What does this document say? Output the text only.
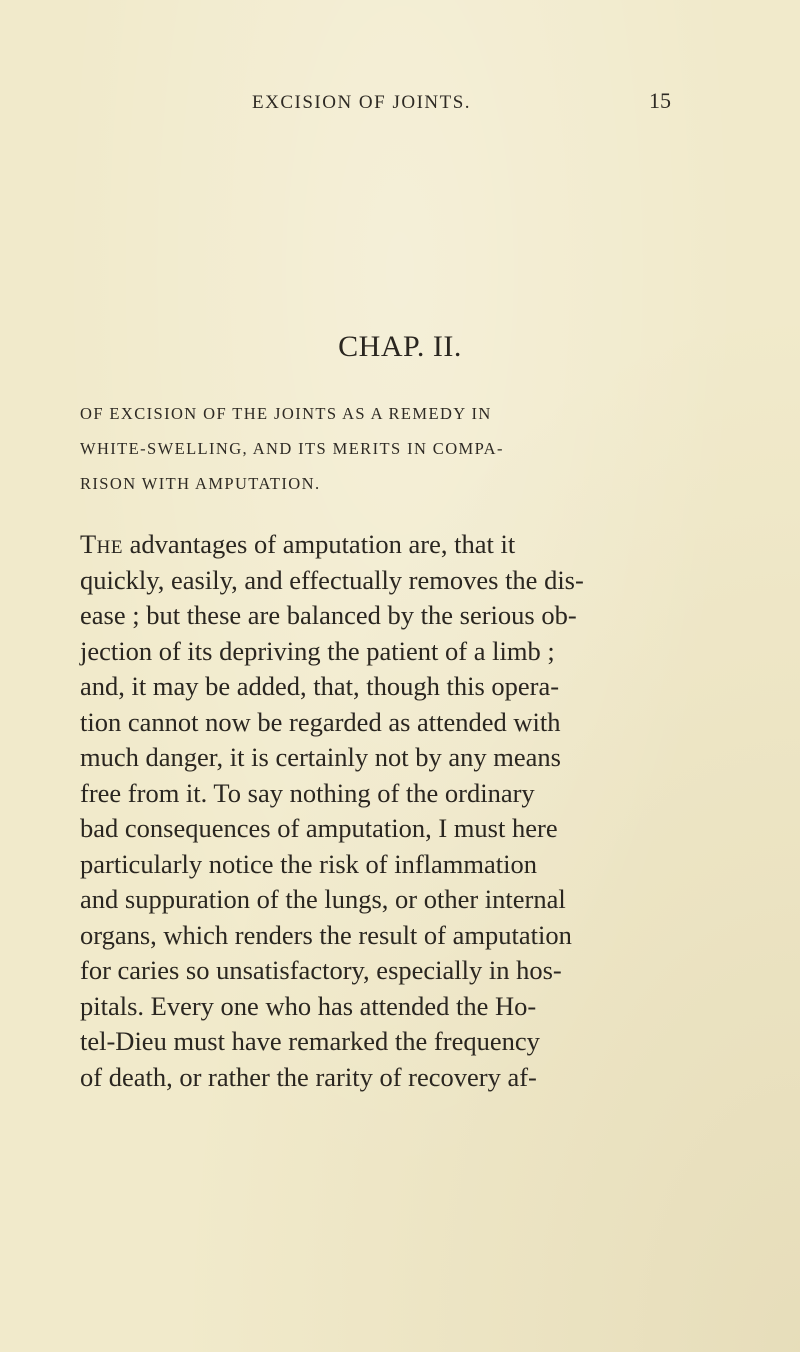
EXCISION OF JOINTS.	15
CHAP. II.
OF EXCISION OF THE JOINTS AS A REMEDY IN
WHITE-SWELLING, AND ITS MERITS IN COMPA-
RISON WITH AMPUTATION.
The advantages of amputation are, that it
quickly, easily, and effectually removes the dis-
ease ; but these are balanced by the serious ob-
jection of its depriving the patient of a limb ;
and, it may be added, that, though this opera-
tion cannot now be regarded as attended with
much danger, it is certainly not by any means
free from it. To say nothing of the ordinary
bad consequences of amputation, I must here
particularly notice the risk of inflammation
and suppuration of the lungs, or other internal
organs, which renders the result of amputation
for caries so unsatisfactory, especially in hos-
pitals. Every one who has attended the Ho-
tel-Dieu must have remarked the frequency
of death, or rather the rarity of recovery af-
